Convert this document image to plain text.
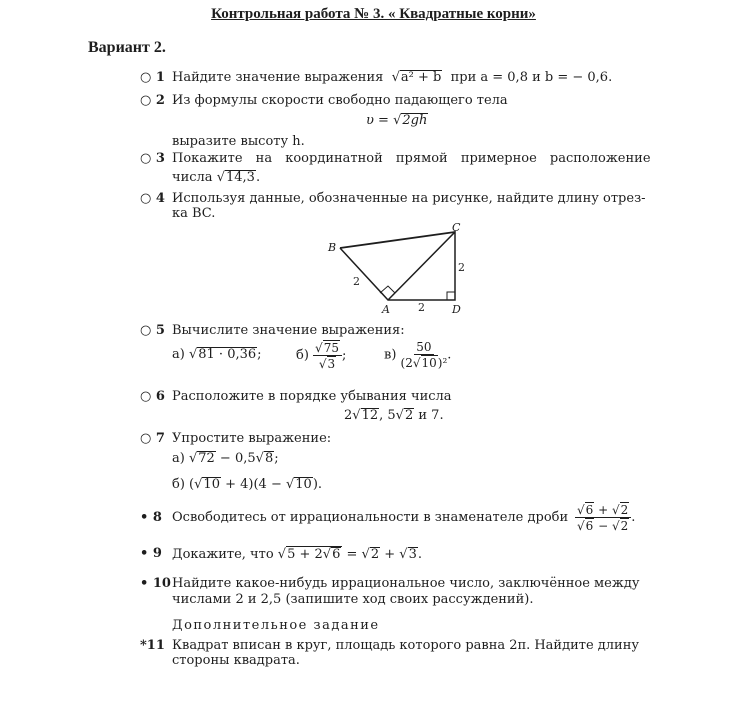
Контрольная работа № 3. « Квадратные корни»
Вариант 2.
○ 1 Найдите значение выражения  √a² + b при a = 0,8 и b = − 0,6.
○ 2 Из формулы скорости свободно падающего тела
υ = √2gh
выразите высоту h.
○ 3 Покажите на координатной прямой примерное расположение
числа √14,3.
○ 4 Используя данные, обозначенные на рисунке, найдите длину отрез-
ка BC.
B
C
A	D
2
2
2
○ 5 Вычислите значение выражения:
а) √81 · 0,36;	$б) \frac{√75}{√3}$ ;	$в) \frac{50}{\text{(2√10)²}}$ .
○ 6 Расположите в порядке убывания числа
2√12, 5√2 и 7.
○ 7 Упростите выражение:
а) √72 − 0,5√8;
б) (√10 + 4)(4 − √10).
• 8 Освободитесь от иррациональности в знаменателе дроби $\frac{√6 + √2}{√6 - √2}$ .
• 9 Докажите, что √5 + 2√6 = √2 + √3.
• 10 Найдите какое-нибудь иррациональное число, заключённое между
числами 2 и 2,5 (запишите ход своих рассуждений).
Дополнительное задание
*11 Квадрат вписан в круг, площадь которого равна 2π. Найдите длину
стороны квадрата.
